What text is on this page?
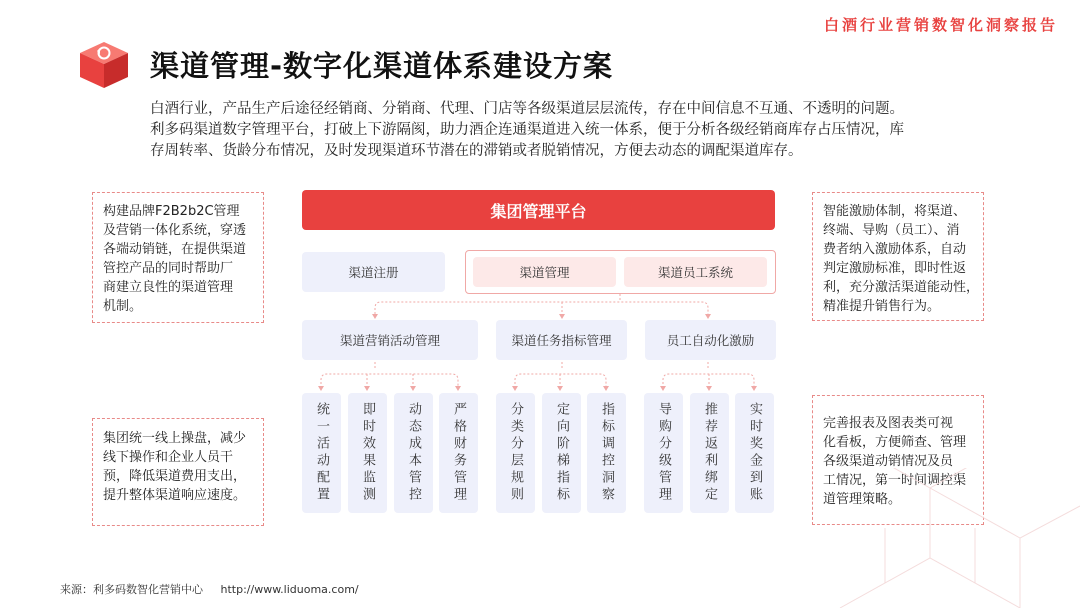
白酒行业营销数智化洞察报告
渠道管理-数字化渠道体系建设方案

白酒行业，产品生产后途径经销商、分销商、代理、门店等各级渠道层层流传，存在中间信息不互通、不透明的问题。

利多码渠道数字管理平台，打破上下游隔阂，助力酒企连通渠道进入统一体系，便于分析各级经销商库存占压情况，库

存周转率、货龄分布情况，及时发现渠道环节潜在的滞销或者脱销情况，方便去动态的调配渠道库存。

构建品牌F2B2b2C管理

及营销一体化系统，穿透

各端动销链，在提供渠道

管控产品的同时帮助厂

商建立良性的渠道管理

机制。

集团统一线上操盘，减少

线下操作和企业人员干

预，降低渠道费用支出，

提升整体渠道响应速度。

智能激励体制，将渠道、

终端、导购（员工）、消

费者纳入激励体系，自动

判定激励标准，即时性返

利，充分激活渠道能动性，

精准提升销售行为。

完善报表及图表类可视

化看板，方便筛查、管理

各级渠道动销情况及员

工情况，第一时间调控渠

道管理策略。

集团管理平台
渠道注册	渠道管理	渠道员工系统
渠道营销活动管理	渠道任务指标管理	员工自动化激励
统一活动配置 即时效果监测 动态成本管控 严格财务管理	分类分层规则 定向阶梯指标 指标调控洞察	导购分级管理 推荐返利绑定 实时奖金到账
来源：利多码数智化营销中心 http://www.liduoma.com/
